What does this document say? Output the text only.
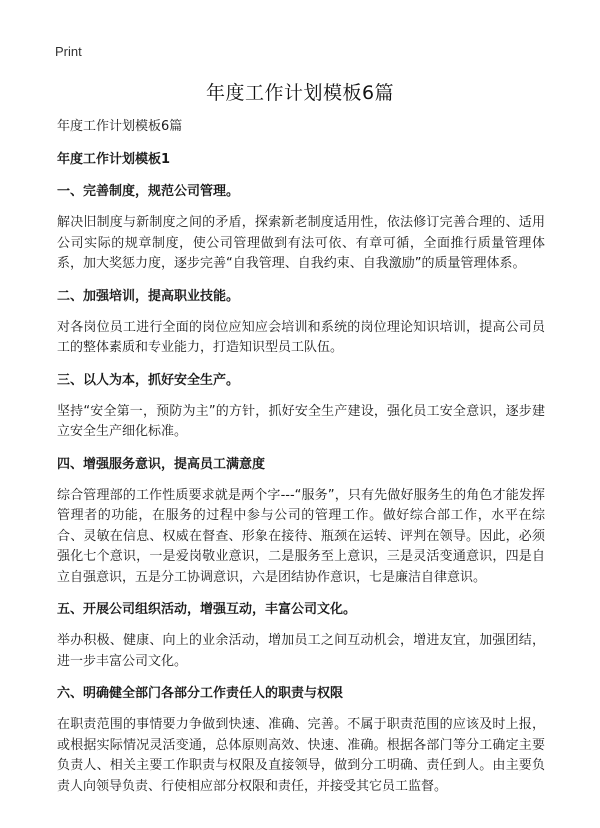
Print
年度工作计划模板6篇

年度工作计划模板6篇

年度工作计划模板1

一、完善制度，规范公司管理。

解决旧制度与新制度之间的矛盾，探索新老制度适用性，依法修订完善合理的、适用公司实际的规章制度，使公司管理做到有法可依、有章可循，全面推行质量管理体系，加大奖惩力度，逐步完善“自我管理、自我约束、自我激励”的质量管理体系。

二、加强培训，提高职业技能。

对各岗位员工进行全面的岗位应知应会培训和系统的岗位理论知识培训，提高公司员工的整体素质和专业能力，打造知识型员工队伍。

三、以人为本，抓好安全生产。

坚持“安全第一，预防为主”的方针，抓好安全生产建设，强化员工安全意识，逐步建立安全生产细化标准。

四、增强服务意识，提高员工满意度

综合管理部的工作性质要求就是两个字---“服务”，只有先做好服务生的角色才能发挥管理者的功能，在服务的过程中参与公司的管理工作。做好综合部工作，水平在综合、灵敏在信息、权威在督查、形象在接待、瓶颈在运转、评判在领导。因此，必须强化七个意识，一是爱岗敬业意识，二是服务至上意识，三是灵活变通意识，四是自立自强意识，五是分工协调意识，六是团结协作意识，七是廉洁自律意识。

五、开展公司组织活动，增强互动，丰富公司文化。

举办积极、健康、向上的业余活动，增加员工之间互动机会，增进友宜，加强团结，进一步丰富公司文化。

六、明确健全部门各部分工作责任人的职责与权限

在职责范围的事情要力争做到快速、准确、完善。不属于职责范围的应该及时上报，或根据实际情况灵活变通，总体原则高效、快速、准确。根据各部门等分工确定主要负责人、相关主要工作职责与权限及直接领导，做到分工明确、责任到人。由主要负责人向领导负责、行使相应部分权限和责任，并接受其它员工监督。
